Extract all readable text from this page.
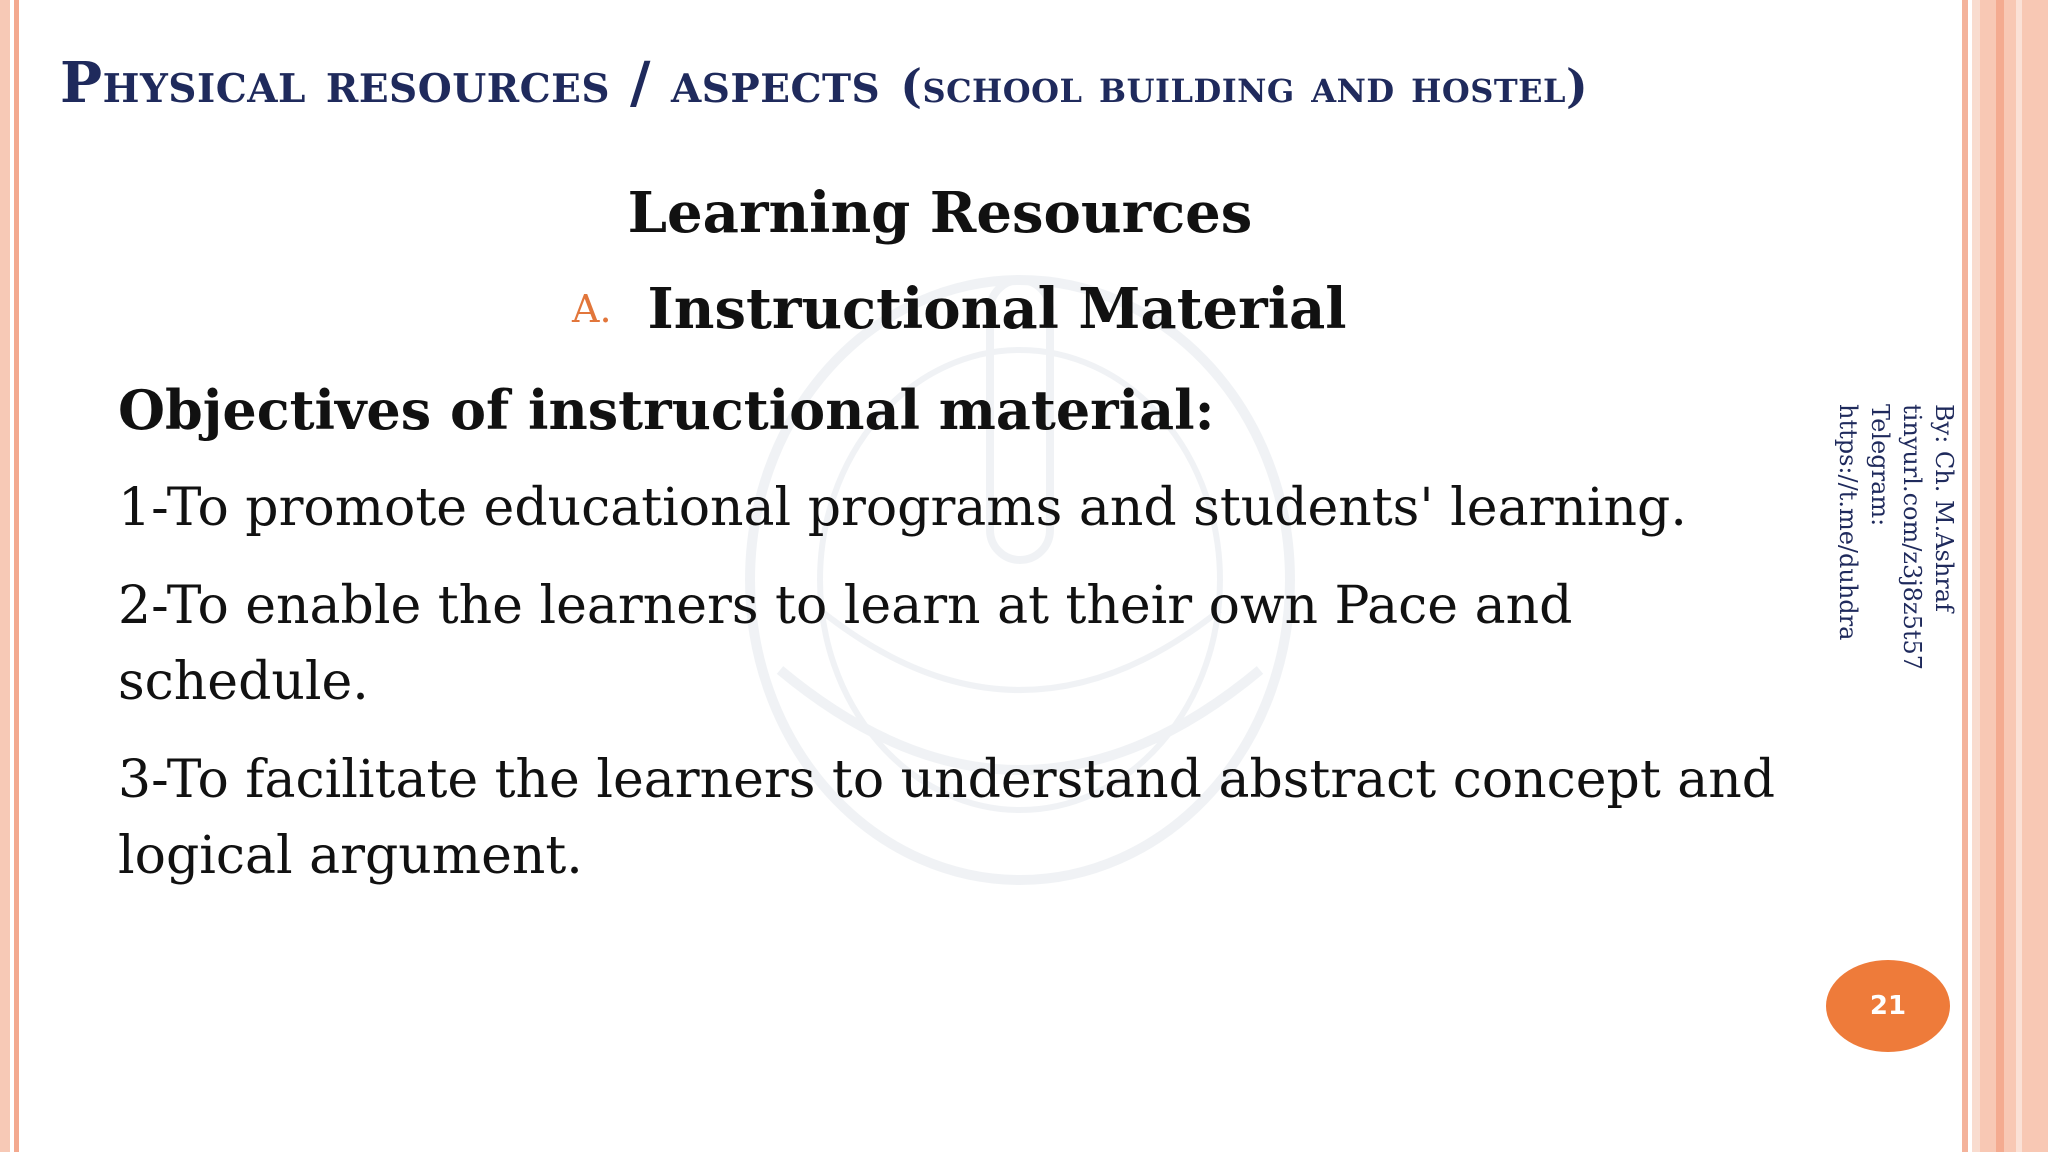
Physical resources / aspects (school building and hostel)
Learning Resources
A. Instructional Material
Objectives of instructional material:
1-To promote educational programs and students' learning.
2-To enable the learners to learn at their own Pace and schedule.
3-To facilitate the learners to understand abstract concept and logical argument.
By: Ch. M.Ashraf
tinyurl.com/z3j8z5t57
Telegram: https://t.me/duhdra
21
